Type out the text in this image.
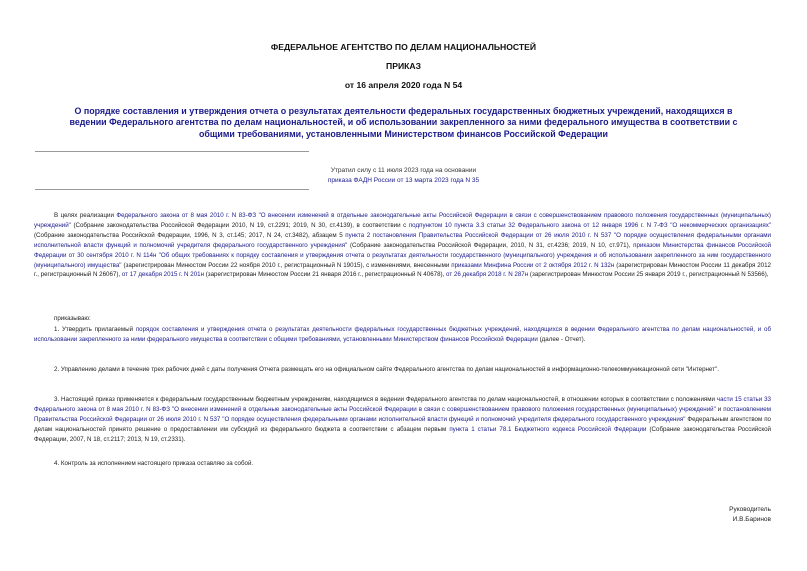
ФЕДЕРАЛЬНОЕ АГЕНТСТВО ПО ДЕЛАМ НАЦИОНАЛЬНОСТЕЙ
ПРИКАЗ
от 16 апреля 2020 года N 54
О порядке составления и утверждения отчета о результатах деятельности федеральных государственных бюджетных учреждений, находящихся в ведении Федерального агентства по делам национальностей, и об использовании закрепленного за ними федерального имущества в соответствии с общими требованиями, установленными Министерством финансов Российской Федерации
Утратил силу с 11 июля 2023 года на основании
приказа ФАДН России от 13 марта 2023 года N 35
В целях реализации Федерального закона от 8 мая 2010 г. N 83-ФЗ "О внесении изменений в отдельные законодательные акты Российской Федерации в связи с совершенствованием правового положения государственных (муниципальных) учреждений" (Собрание законодательства Российской Федерации 2010, N 19, ст.2291; 2019, N 30, ст.4139), в соответствии с подпунктом 10 пункта 3.3 статьи 32 Федерального закона от 12 января 1996 г. N 7-ФЗ "О некоммерческих организациях" (Собрание законодательства Российской Федерации, 1996, N 3, ст.145; 2017, N 24, ст.3482), абзацем 5 пункта 2 постановления Правительства Российской Федерации от 26 июля 2010 г. N 537 "О порядке осуществления федеральными органами исполнительной власти функций и полномочий учредителя федерального государственного учреждения" (Собрание законодательства Российской Федерации, 2010, N 31, ст.4236; 2019, N 10, ст.971), приказом Министерства финансов Российской Федерации от 30 сентября 2010 г. N 114н "Об общих требованиях к порядку составления и утверждения отчета о результатах деятельности государственного (муниципального) учреждения и об использовании закрепленного за ним государственного (муниципального) имущества" (зарегистрирован Минюстом России 22 ноября 2010 г., регистрационный N 19015), с изменениями, внесенными приказами Минфина России от 2 октября 2012 г. N 132н (зарегистрирован Минюстом России 11 декабря 2012 г., регистрационный N 26067), от 17 декабря 2015 г. N 201н (зарегистрирован Минюстом России 21 января 2016 г., регистрационный N 40678), от 26 декабря 2018 г. N 287н (зарегистрирован Минюстом России 25 января 2019 г., регистрационный N 53566),
приказываю:
1. Утвердить прилагаемый порядок составления и утверждения отчета о результатах деятельности федеральных государственных бюджетных учреждений, находящихся в ведении Федерального агентства по делам национальностей, и об использовании закрепленного за ними федерального имущества в соответствии с общими требованиями, установленными Министерством финансов Российской Федерации (далее - Отчет).
2. Управлению делами в течение трех рабочих дней с даты получения Отчета размещать его на официальном сайте Федерального агентства по делам национальностей в информационно-телекоммуникационной сети "Интернет".
3. Настоящий приказ применяется к федеральным государственным бюджетным учреждениям, находящимся в ведении Федерального агентства по делам национальностей, в отношении которых в соответствии с положениями части 15 статьи 33 Федерального закона от 8 мая 2010 г. N 83-ФЗ "О внесении изменений в отдельные законодательные акты Российской Федерации в связи с совершенствованием правового положения государственных (муниципальных) учреждений" и постановлением Правительства Российской Федерации от 26 июля 2010 г. N 537 "О порядке осуществления федеральными органами исполнительной власти функций и полномочий учредителя федерального государственного учреждения" Федеральным агентством по делам национальностей принято решение о предоставлении им субсидий из федерального бюджета в соответствии с абзацем первым пункта 1 статьи 78.1 Бюджетного кодекса Российской Федерации (Собрание законодательства Российской Федерации, 2007, N 18, ст.2117; 2013, N 19, ст.2331).
4. Контроль за исполнением настоящего приказа оставляю за собой.
Руководитель
И.В.Баринов
